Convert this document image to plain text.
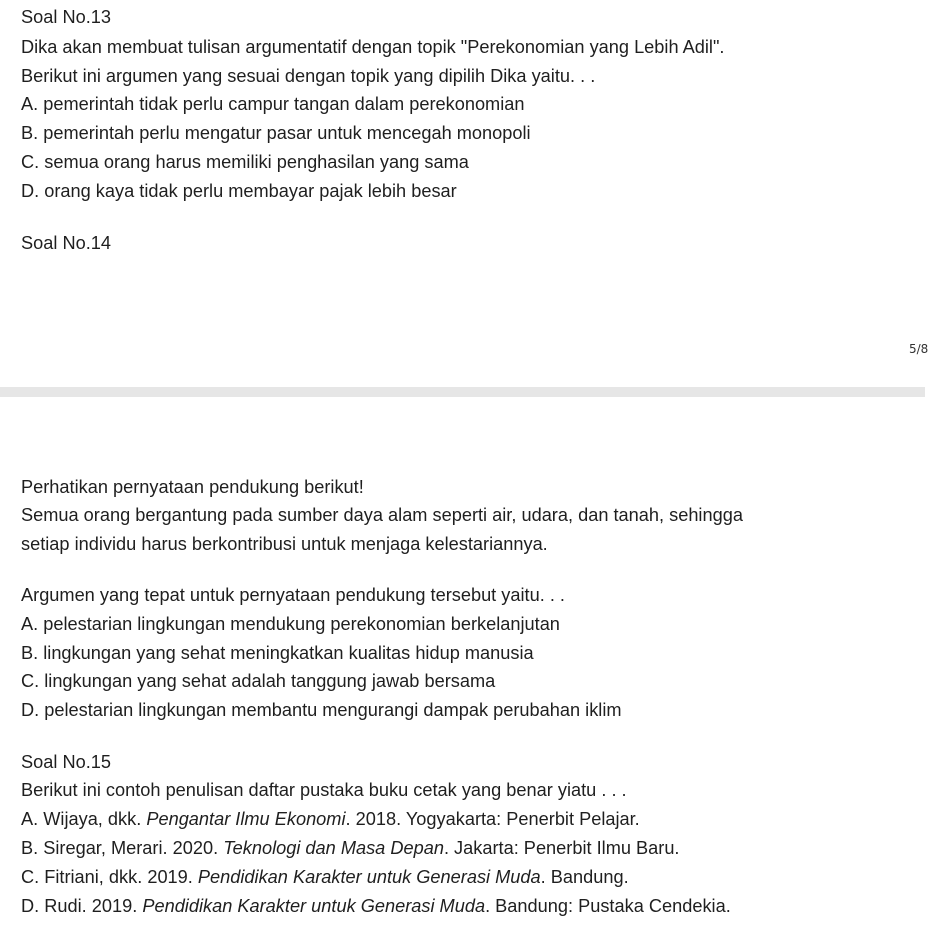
Soal No.13
Dika akan membuat tulisan argumentatif dengan topik "Perekonomian yang Lebih Adil".
Berikut ini argumen yang sesuai dengan topik yang dipilih Dika yaitu. . .
A. pemerintah tidak perlu campur tangan dalam perekonomian
B. pemerintah perlu mengatur pasar untuk mencegah monopoli
C. semua orang harus memiliki penghasilan yang sama
D. orang kaya tidak perlu membayar pajak lebih besar
Soal No.14
5/8
Perhatikan pernyataan pendukung berikut!
Semua orang bergantung pada sumber daya alam seperti air, udara, dan tanah, sehingga
setiap individu harus berkontribusi untuk menjaga kelestariannya.
Argumen yang tepat untuk pernyataan pendukung tersebut yaitu. . .
A. pelestarian lingkungan mendukung perekonomian berkelanjutan
B. lingkungan yang sehat meningkatkan kualitas hidup manusia
C. lingkungan yang sehat adalah tanggung jawab bersama
D. pelestarian lingkungan membantu mengurangi dampak perubahan iklim
Soal No.15
Berikut ini contoh penulisan daftar pustaka buku cetak yang benar yiatu . . .
A. Wijaya, dkk. Pengantar Ilmu Ekonomi. 2018. Yogyakarta: Penerbit Pelajar.
B. Siregar, Merari. 2020. Teknologi dan Masa Depan. Jakarta: Penerbit Ilmu Baru.
C. Fitriani, dkk. 2019. Pendidikan Karakter untuk Generasi Muda. Bandung.
D. Rudi. 2019. Pendidikan Karakter untuk Generasi Muda. Bandung: Pustaka Cendekia.
